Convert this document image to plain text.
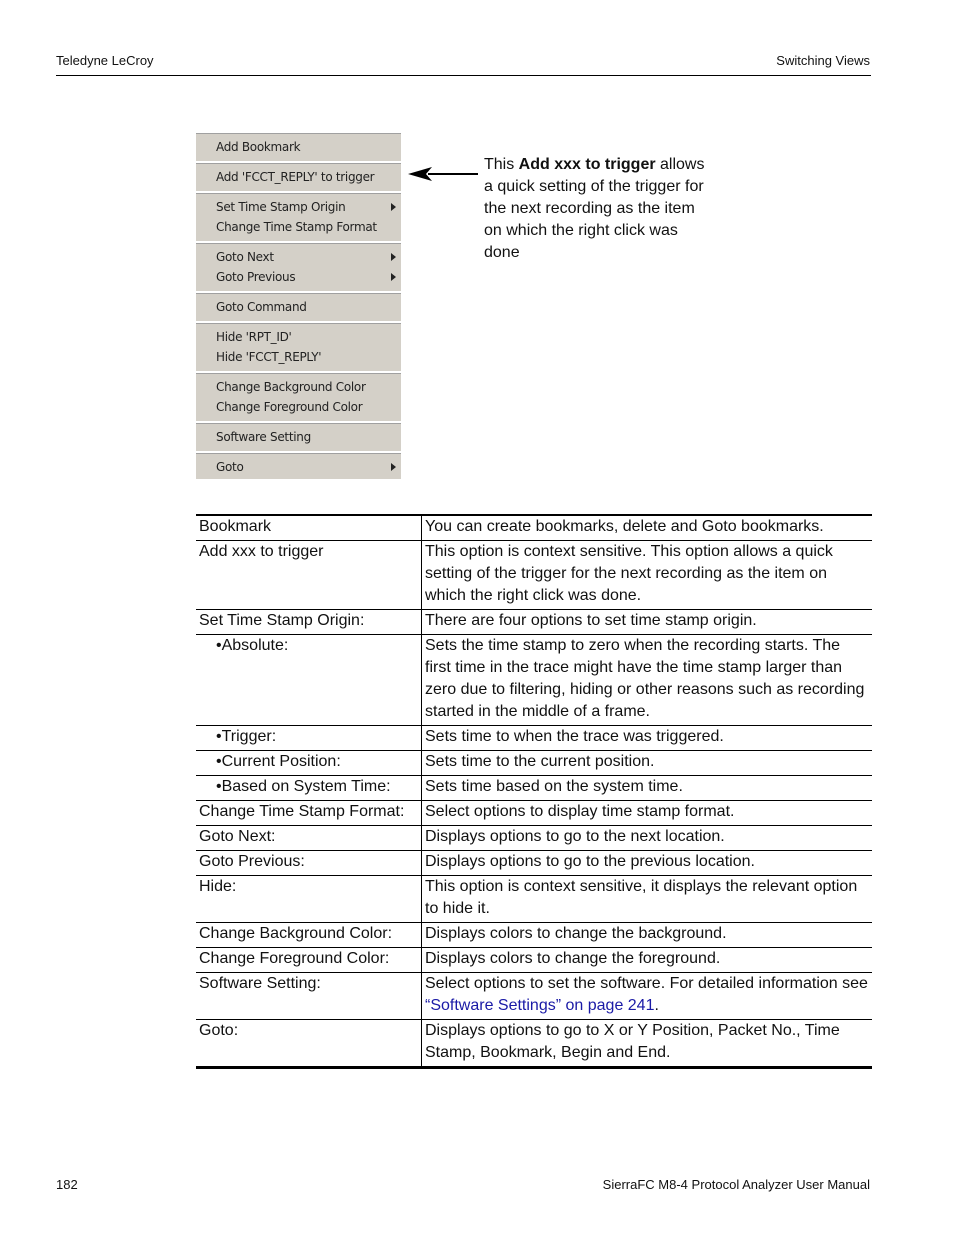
Teledyne LeCroy	Switching Views
Add Bookmark
Add 'FCCT_REPLY' to trigger
Set Time Stamp Origin
Change Time Stamp Format
Goto Next
Goto Previous
Goto Command
Hide 'RPT_ID'
Hide 'FCCT_REPLY'
Change Background Color
Change Foreground Color
Software Setting
Goto
This Add xxx to trigger allows a quick setting of the trigger for the next recording as the item on which the right click was done
Bookmark	You can create bookmarks, delete and Goto bookmarks.
Add xxx to trigger	This option is context sensitive. This option allows a quick setting of the trigger for the next recording as the item on which the right click was done.
Set Time Stamp Origin:	There are four options to set time stamp origin.
•Absolute:	Sets the time stamp to zero when the recording starts. The first time in the trace might have the time stamp larger than zero due to filtering, hiding or other reasons such as recording started in the middle of a frame.
•Trigger:	Sets time to when the trace was triggered.
•Current Position:	Sets time to the current position.
•Based on System Time:	Sets time based on the system time.
Change Time Stamp Format:	Select options to display time stamp format.
Goto Next:	Displays options to go to the next location.
Goto Previous:	Displays options to go to the previous location.
Hide:	This option is context sensitive, it displays the relevant option to hide it.
Change Background Color:	Displays colors to change the background.
Change Foreground Color:	Displays colors to change the foreground.
Software Setting:	Select options to set the software. For detailed information see “Software Settings” on page 241.
Goto:	Displays options to go to X or Y Position, Packet No., Time Stamp, Bookmark, Begin and End.
182	SierraFC M8-4 Protocol Analyzer User Manual
